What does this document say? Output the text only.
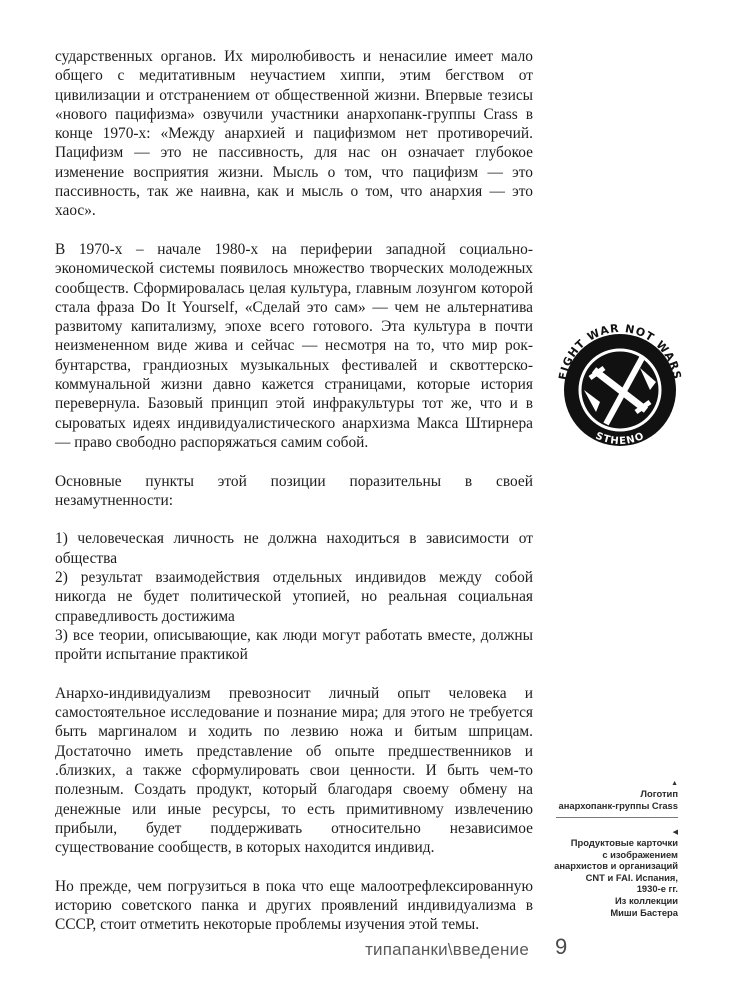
сударственных органов. Их миролюбивость и ненасилие имеет мало общего с медитативным неучастием хиппи, этим бегством от цивилизации и отстранением от общественной жизни. Впервые тезисы «нового пацифизма» озвучили участники анархопанк-группы Crass в конце 1970-х: «Между анархией и пацифизмом нет противоречий. Пацифизм — это не пассивность, для нас он означает глубокое изменение восприятия жизни. Мысль о том, что пацифизм — это пассивность, так же наивна, как и мысль о том, что анархия — это хаос».

В 1970-х – начале 1980-х на периферии западной социально-экономической системы появилось множество творческих молодежных сообществ. Сформировалась целая культура, главным лозунгом которой стала фраза Do It Yourself, «Сделай это сам» — чем не альтернатива развитому капитализму, эпохе всего готового. Эта культура в почти неизмененном виде жива и сейчас — несмотря на то, что мир рок-бунтарства, грандиозных музыкальных фестивалей и сквоттерско-коммунальной жизни давно кажется страницами, которые история перевернула. Базовый принцип этой инфракультуры тот же, что и в сыроватых идеях индивидуалистического анархизма Макса Штирнера — право свободно распоряжаться самим собой.

Основные пункты этой позиции поразительны в своей незамутненности:

1) человеческая личность не должна находиться в зависимости от общества
2) результат взаимодействия отдельных индивидов между собой никогда не будет политической утопией, но реальная социальная справедливость достижима
3) все теории, описывающие, как люди могут работать вместе, должны пройти испытание практикой

Анархо-индивидуализм превозносит личный опыт человека и самостоятельное исследование и познание мира; для этого не требуется быть маргиналом и ходить по лезвию ножа и битым шприцам. Достаточно иметь представление об опыте предшественников и .близких, а также сформулировать свои ценности. И быть чем-то полезным. Создать продукт, который благодаря своему обмену на денежные или иные ресурсы, то есть примитивному извлечению прибыли, будет поддерживать относительно независимое существование сообществ, в которых находится индивид.

Но прежде, чем погрузиться в пока что еще малоотрефлексированную историю советского панка и других проявлений индивидуализма в СССР, стоит отметить некоторые проблемы изучения этой темы.

FIGHT WAR NOT WARS
STHENO
▲
Логотип
анархопанк-группы Crass
◀
Продуктовые карточки
с изображением
анархистов и организаций
CNT и FAI. Испания,
1930-е гг.
Из коллекции
Миши Бастера
типапанки\введение 9
